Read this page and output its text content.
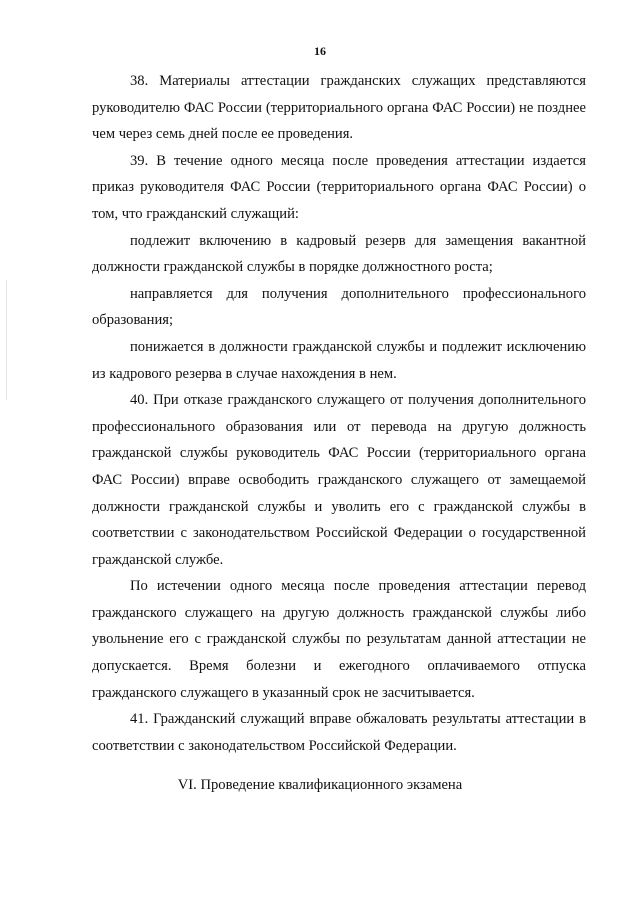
16

38. Материалы аттестации гражданских служащих представляются руководителю ФАС России (территориального органа ФАС России) не позднее чем через семь дней после ее проведения.

39. В течение одного месяца после проведения аттестации издается приказ руководителя ФАС России (территориального органа ФАС России) о том, что гражданский служащий:

подлежит включению в кадровый резерв для замещения вакантной должности гражданской службы в порядке должностного роста;

направляется для получения дополнительного профессионального образования;

понижается в должности гражданской службы и подлежит исключению из кадрового резерва в случае нахождения в нем.

40. При отказе гражданского служащего от получения дополнительного профессионального образования или от перевода на другую должность гражданской службы руководитель ФАС России (территориального органа ФАС России) вправе освободить гражданского служащего от замещаемой должности гражданской службы и уволить его с гражданской службы в соответствии с законодательством Российской Федерации о государственной гражданской службе.

По истечении одного месяца после проведения аттестации перевод гражданского служащего на другую должность гражданской службы либо увольнение его с гражданской службы по результатам данной аттестации не допускается. Время болезни и ежегодного оплачиваемого отпуска гражданского служащего в указанный срок не засчитывается.

41. Гражданский служащий вправе обжаловать результаты аттестации в соответствии с законодательством Российской Федерации.

VI. Проведение квалификационного экзамена
